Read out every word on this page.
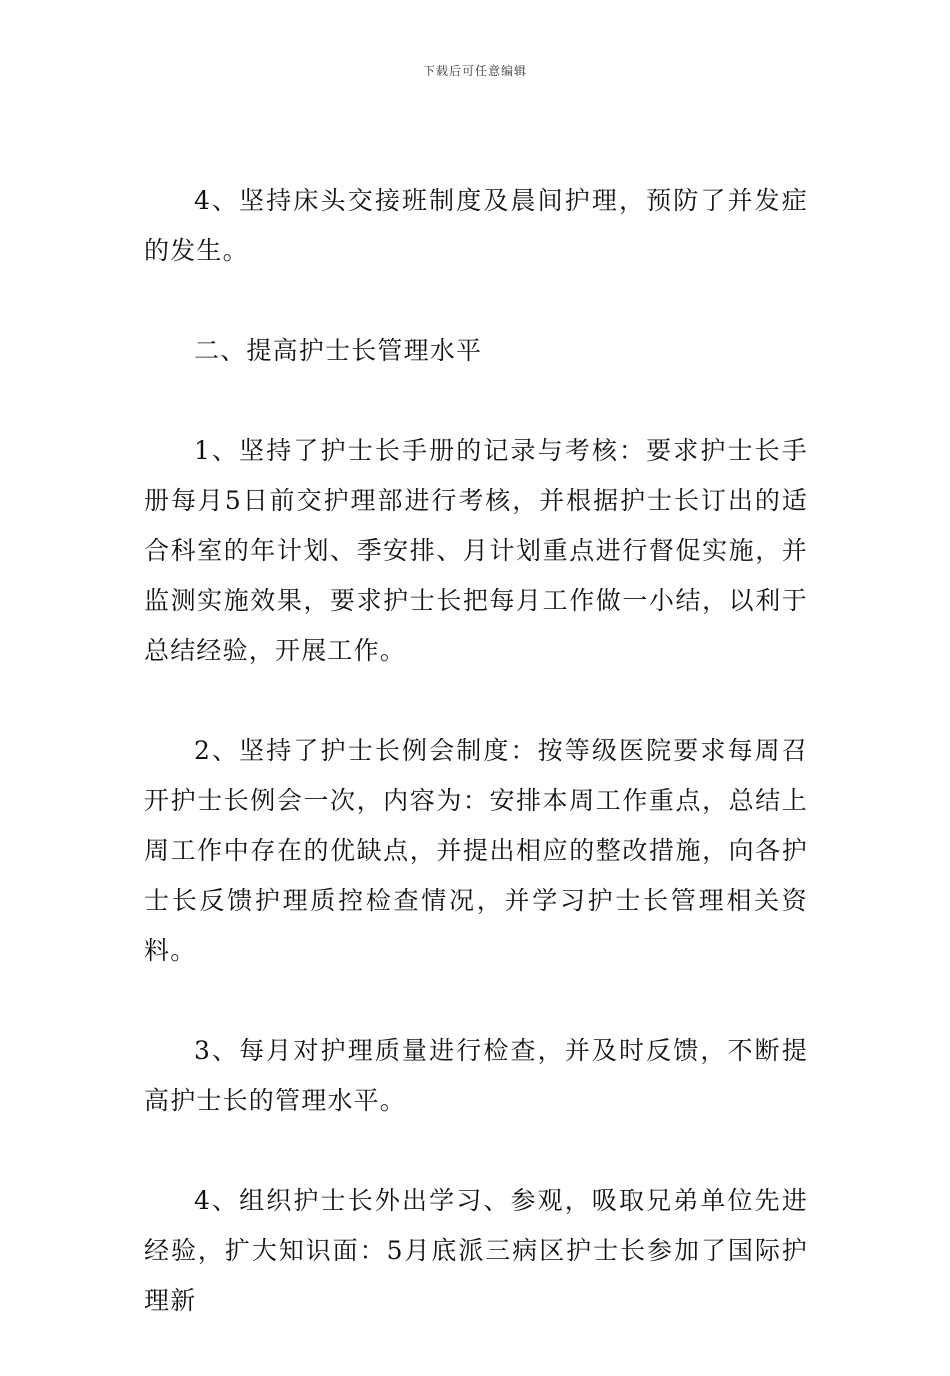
下载后可任意编辑

4、坚持床头交接班制度及晨间护理，预防了并发症的发生。

二、提高护士长管理水平

1、坚持了护士长手册的记录与考核：要求护士长手册每月5日前交护理部进行考核，并根据护士长订出的适合科室的年计划、季安排、月计划重点进行督促实施，并监测实施效果，要求护士长把每月工作做一小结，以利于总结经验，开展工作。

2、坚持了护士长例会制度：按等级医院要求每周召开护士长例会一次，内容为：安排本周工作重点，总结上周工作中存在的优缺点，并提出相应的整改措施，向各护士长反馈护理质控检查情况，并学习护士长管理相关资料。

3、每月对护理质量进行检查，并及时反馈，不断提高护士长的管理水平。

4、组织护士长外出学习、参观，吸取兄弟单位先进经验，扩大知识面：5月底派三病区护士长参加了国际护理新
